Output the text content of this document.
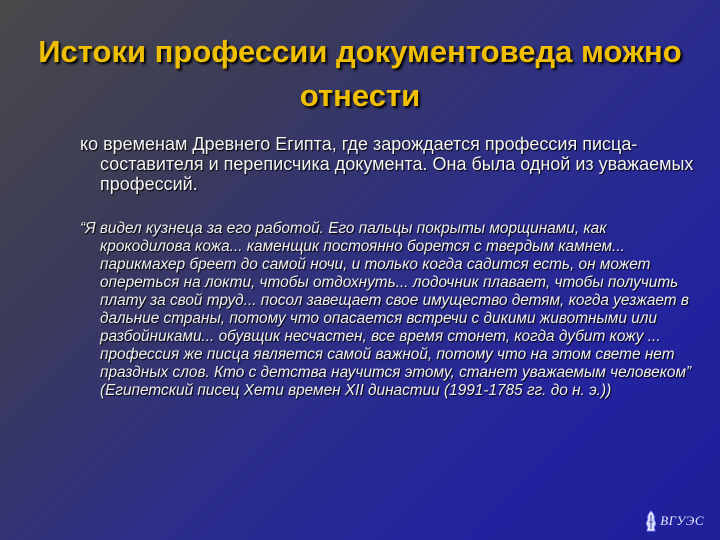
Истоки профессии документоведа можно отнести

ко временам Древнего Египта, где зарождается профессия писца-составителя и переписчика документа. Она была одной из уважаемых профессий.

“Я видел кузнеца за его работой. Его пальцы покрыты морщинами, как крокодилова кожа... каменщик постоянно борется с твердым камнем... парикмахер бреет до самой ночи, и только когда садится есть, он может опереться на локти, чтобы отдохнуть... лодочник плавает, чтобы получить плату за свой труд... посол завещает свое имущество детям, когда уезжает в дальние страны, потому что опасается встречи с дикими животными или разбойниками... обувщик несчастен, все время стонет, когда дубит кожу ... профессия же писца является самой важной, потому что на этом свете нет праздных слов. Кто с детства научится этому, станет уважаемым человеком” (Египетский писец Хети времен XII династии (1991-1785 гг. до н. э.))

ВГУЭС
